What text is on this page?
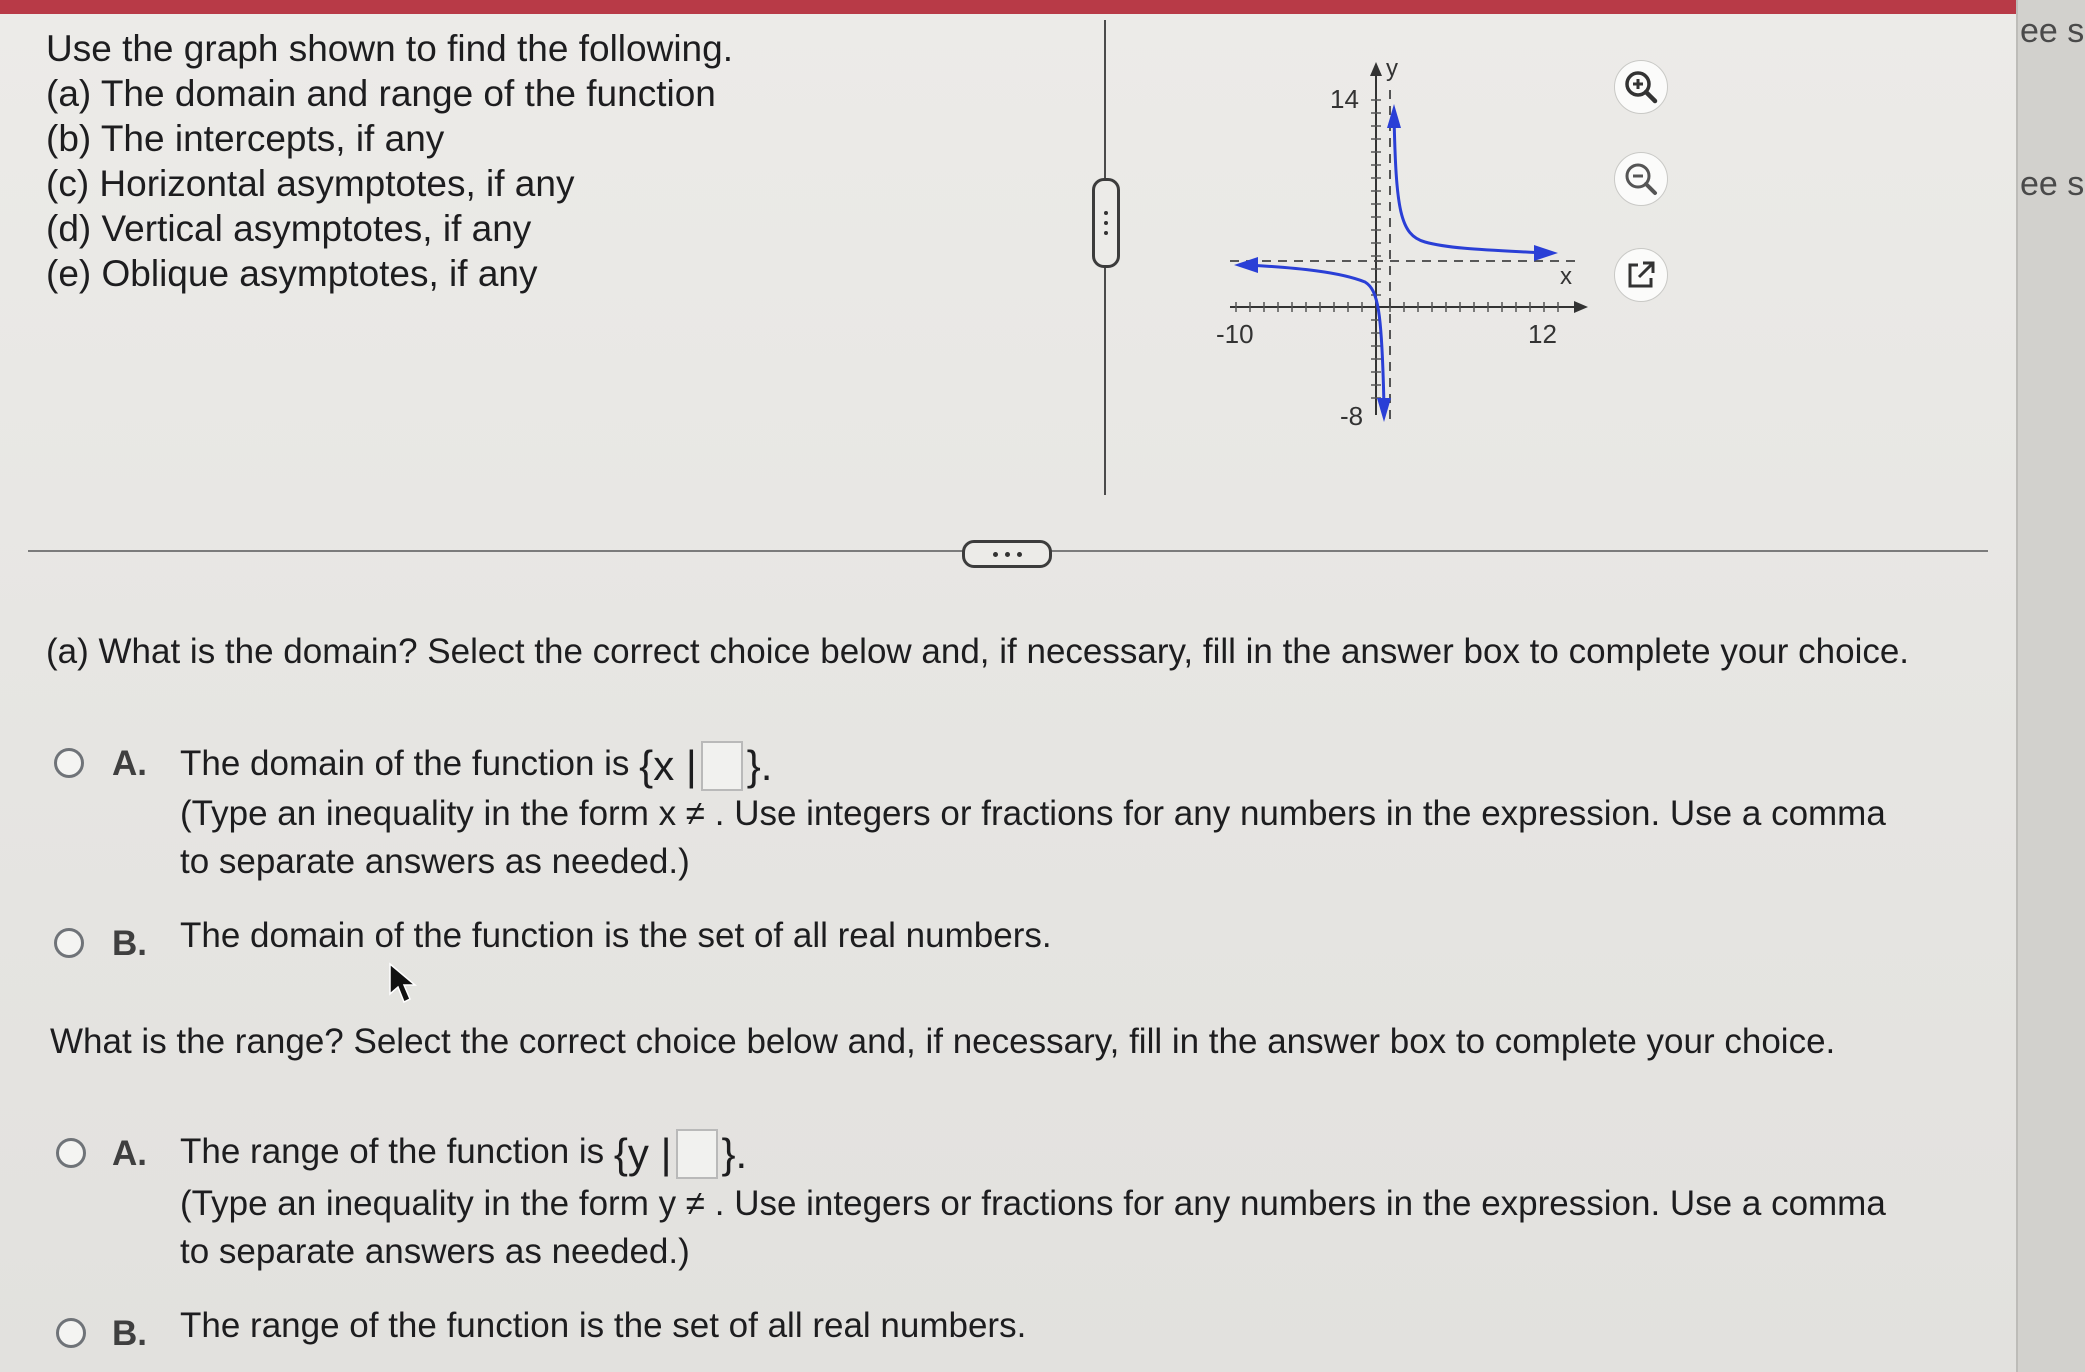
ee s
ee s
Use the graph shown to find the following.
(a) The domain and range of the function
(b) The intercepts, if any
(c) Horizontal asymptotes, if any
(d) Vertical asymptotes, if any
(e) Oblique asymptotes, if any
y
x
14
-8
-10	12
(a) What is the domain? Select the correct choice below and, if necessary, fill in the answer box to complete your choice.
A. The domain of the function is {x | }.
(Type an inequality in the form x ≠ . Use integers or fractions for any numbers in the expression. Use a comma
to separate answers as needed.)
B. The domain of the function is the set of all real numbers.
What is the range? Select the correct choice below and, if necessary, fill in the answer box to complete your choice.
A. The range of the function is {y | }.
(Type an inequality in the form y ≠ . Use integers or fractions for any numbers in the expression. Use a comma
to separate answers as needed.)
B. The range of the function is the set of all real numbers.
